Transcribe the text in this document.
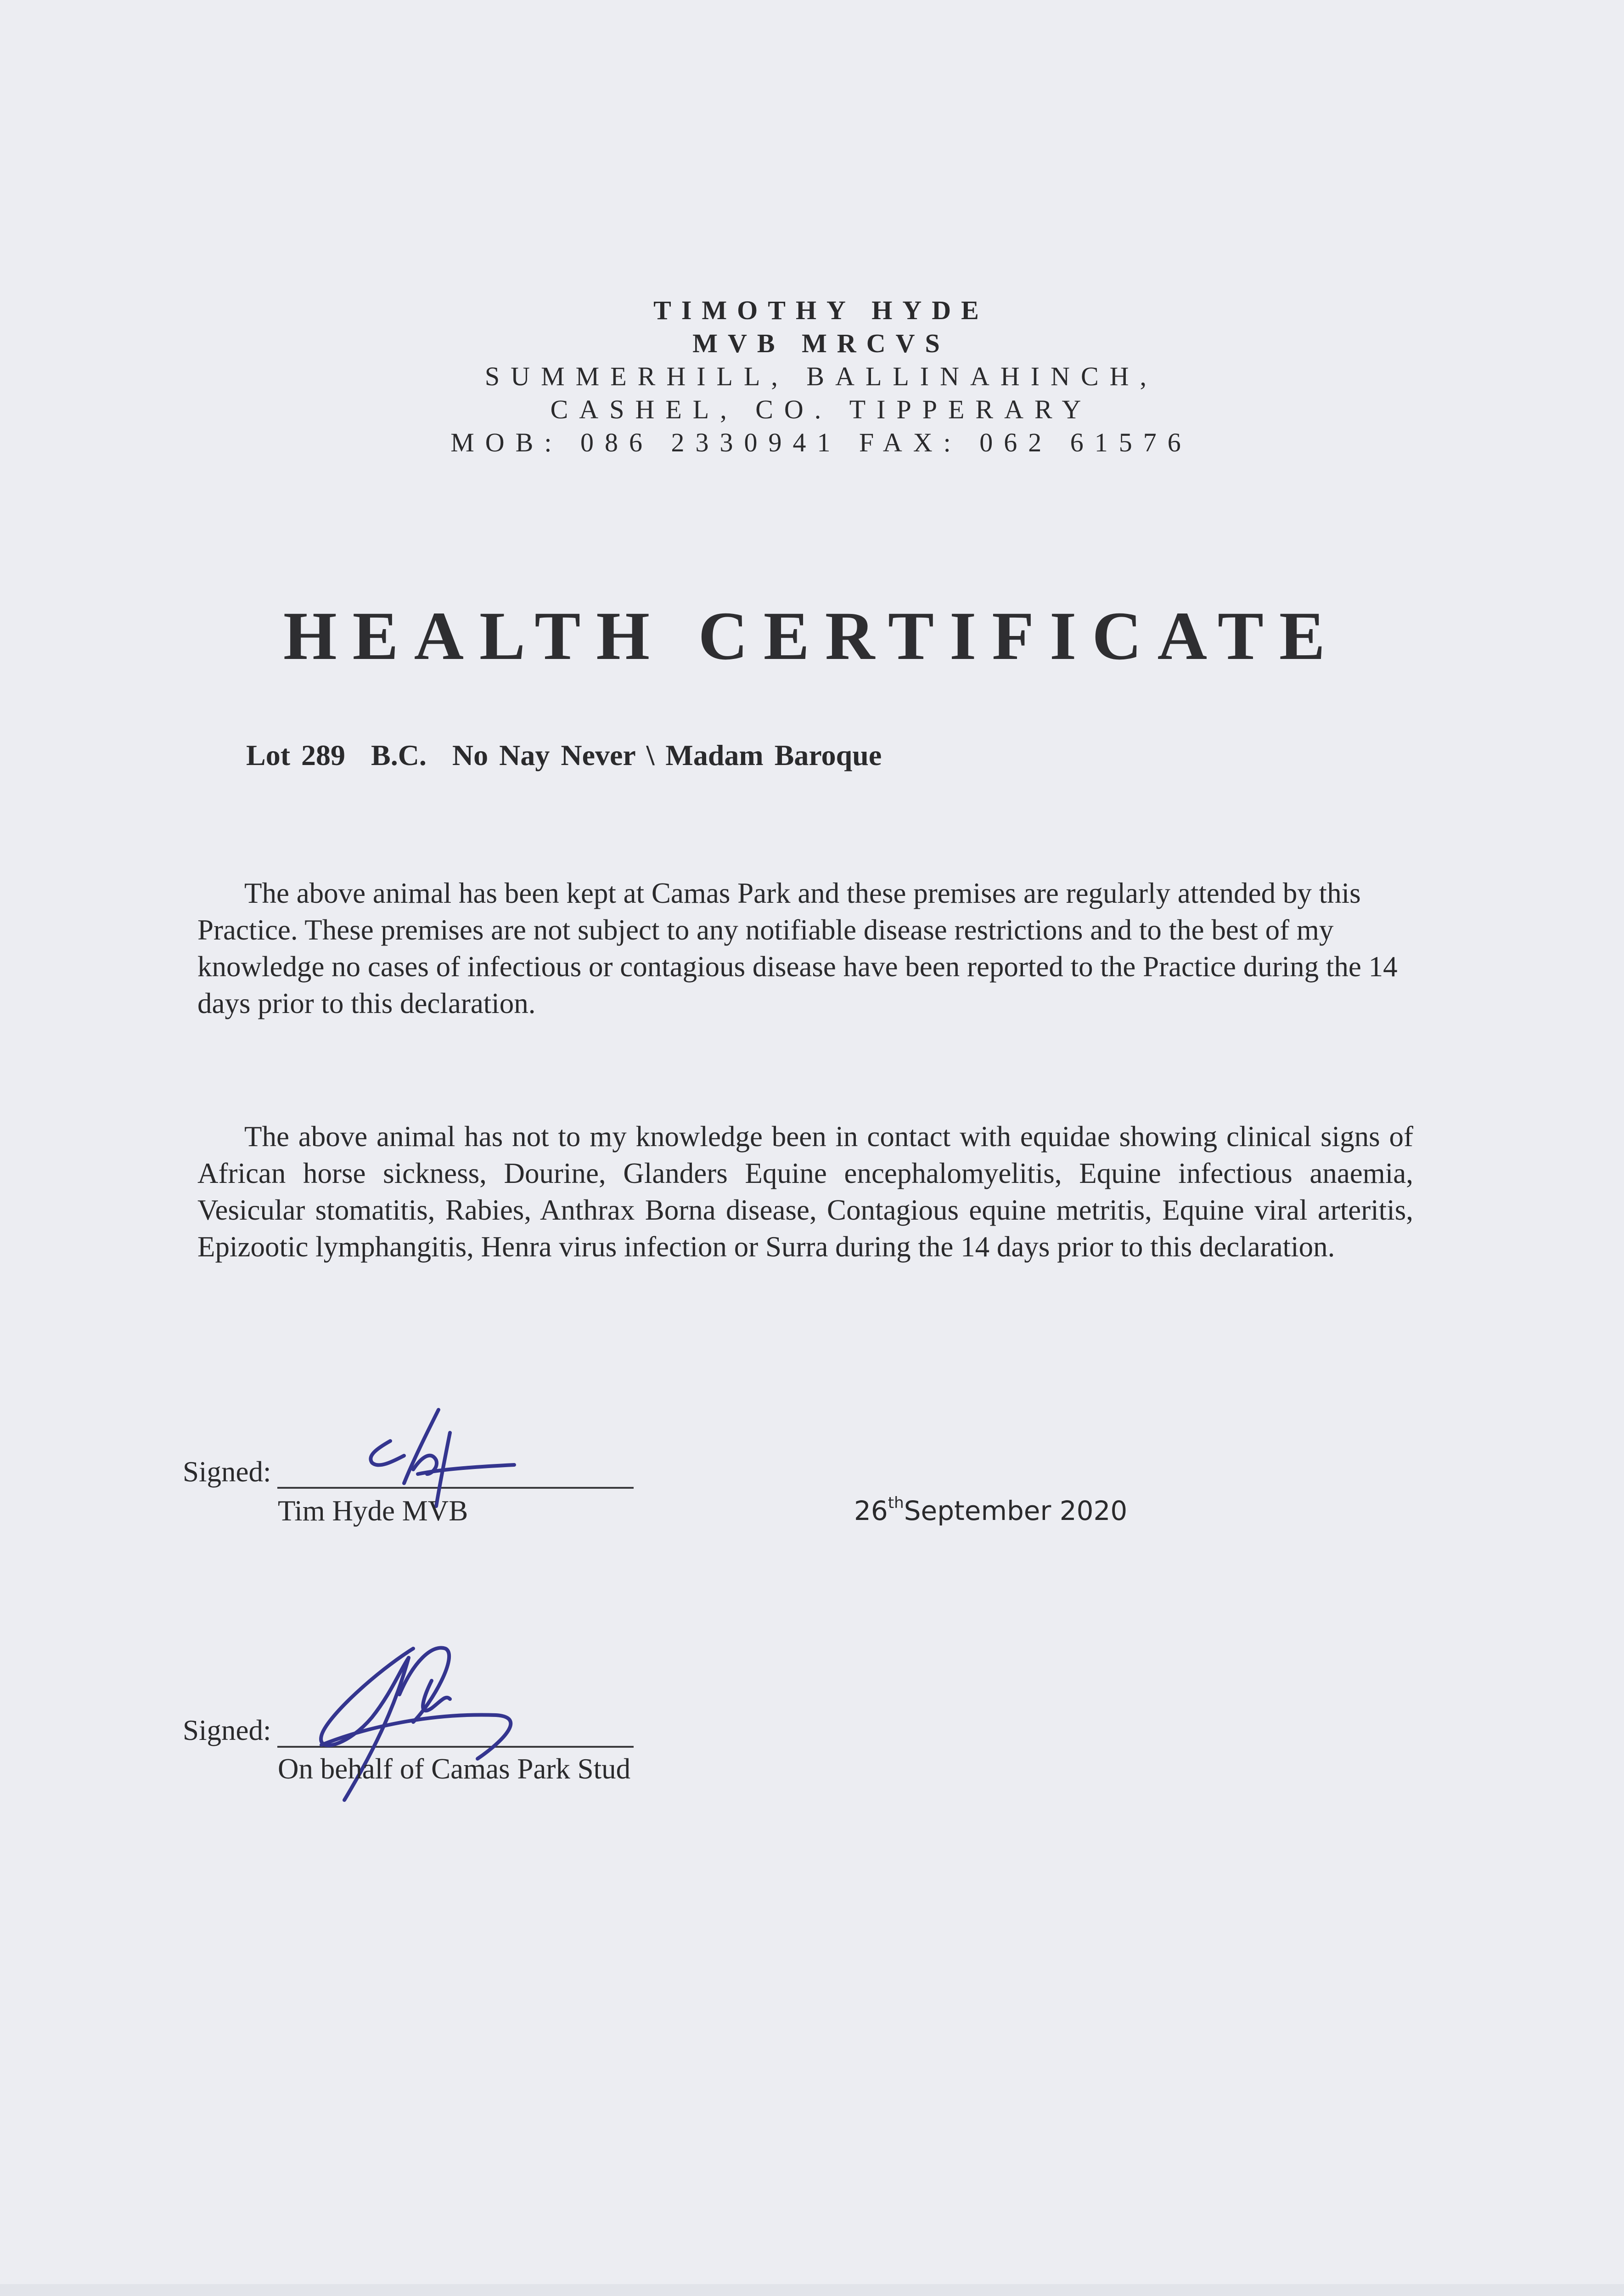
TIMOTHY HYDE
MVB MRCVS
SUMMERHILL, BALLINAHINCH,
CASHEL, CO. TIPPERARY
MOB: 086 2330941 FAX: 062 61576
HEALTH CERTIFICATE
Lot 289 B.C. No Nay Never \ Madam Baroque

The above animal has been kept at Camas Park and these premises are regularly attended by this Practice. These premises are not subject to any notifiable disease restrictions and to the best of my knowledge no cases of infectious or contagious disease have been reported to the Practice during the 14 days prior to this declaration.

The above animal has not to my knowledge been in contact with equidae showing clinical signs of African horse sickness, Dourine, Glanders Equine encephalomyelitis, Equine infectious anaemia, Vesicular stomatitis, Rabies, Anthrax Borna disease, Contagious equine metritis, Equine viral arteritis, Epizootic lymphangitis, Henra virus infection or Surra during the 14 days prior to this declaration.

Signed:
Tim Hyde MVB	26thSeptember 2020
Signed:
On behalf of Camas Park Stud
